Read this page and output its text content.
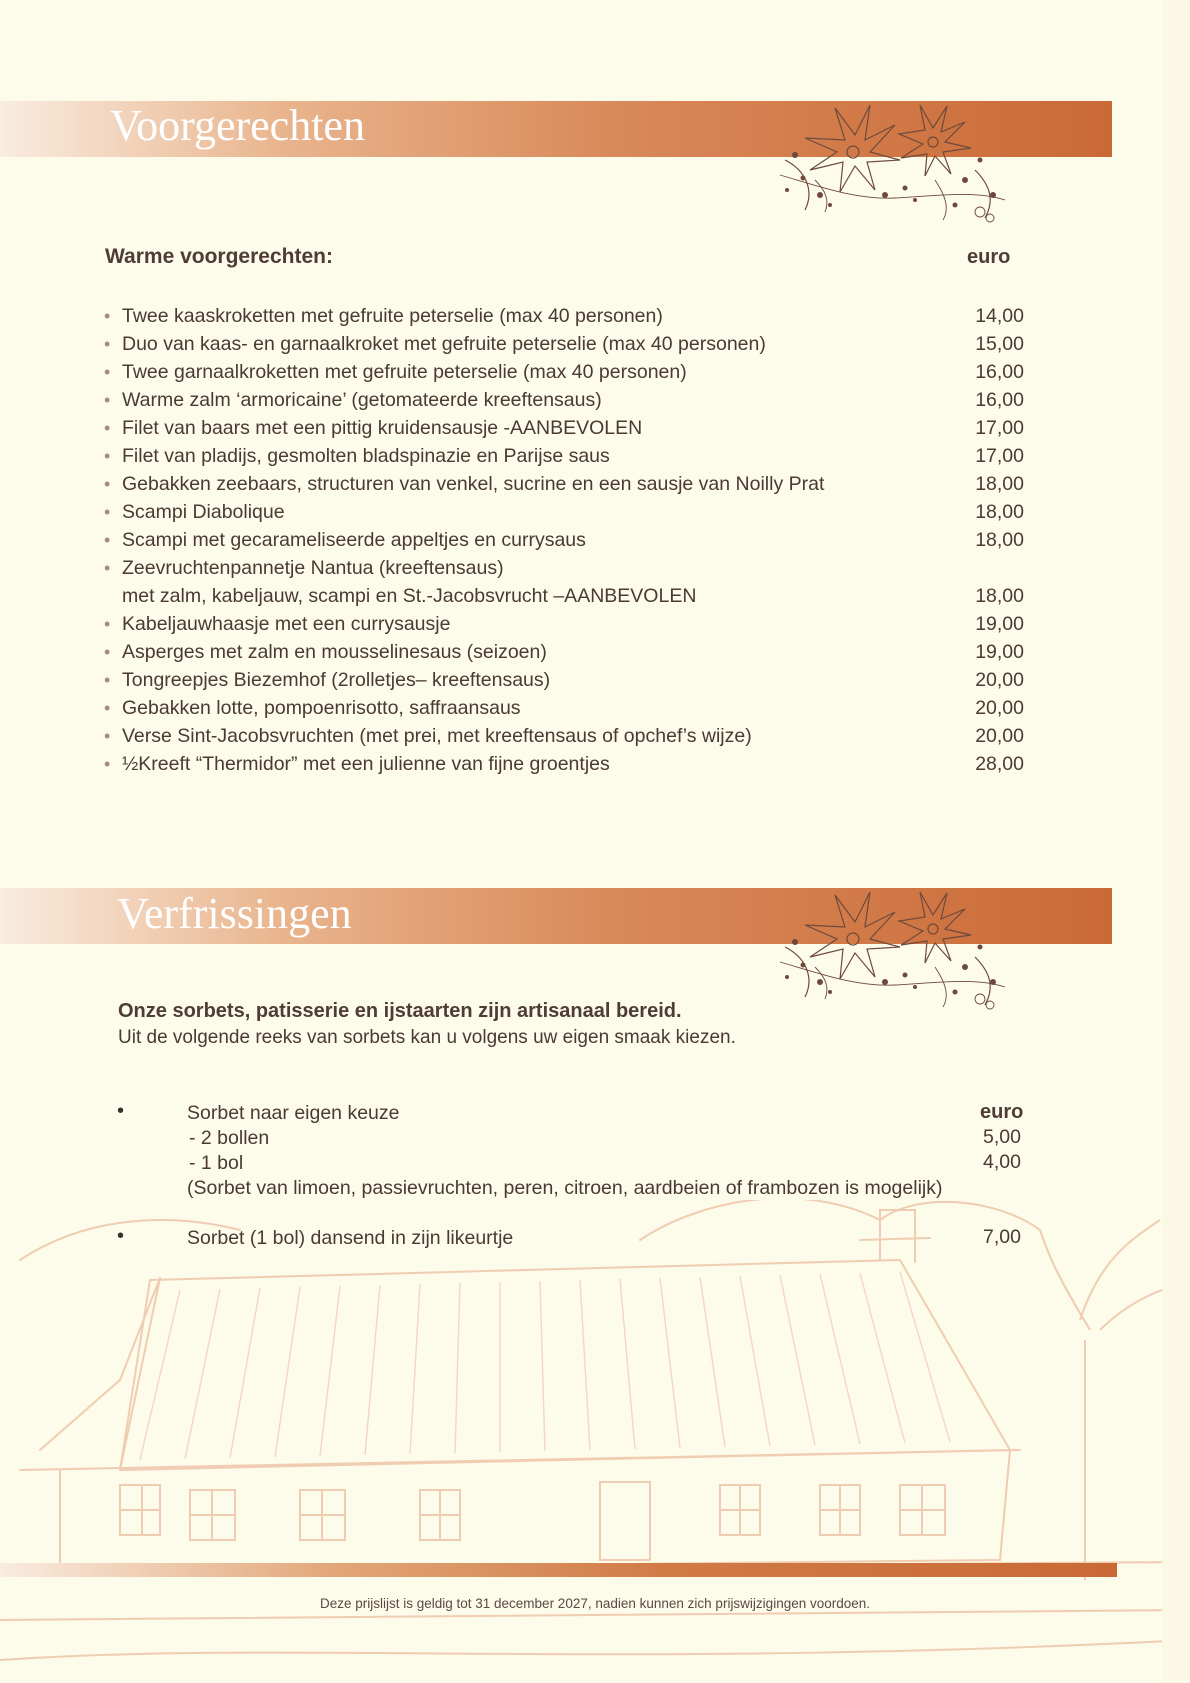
Voorgerechten
Warme voorgerechten:	euro
• Twee kaaskroketten met gefruite peterselie (max 40 personen)	14,00
• Duo van kaas- en garnaalkroket met gefruite peterselie (max 40 personen)	15,00
• Twee garnaalkroketten met gefruite peterselie (max 40 personen)	16,00
• Warme zalm ‘armoricaine’ (getomateerde kreeftensaus)	16,00
• Filet van baars met een pittig kruidensausje -AANBEVOLEN	17,00
• Filet van pladijs, gesmolten bladspinazie en Parijse saus	17,00
• Gebakken zeebaars, structuren van venkel, sucrine en een sausje van Noilly Prat	18,00
• Scampi Diabolique	18,00
• Scampi met gecarameliseerde appeltjes en currysaus	18,00
• Zeevruchtenpannetje Nantua (kreeftensaus)
met zalm, kabeljauw, scampi en St.-Jacobsvrucht –AANBEVOLEN	18,00
• Kabeljauwhaasje met een currysausje	19,00
• Asperges met zalm en mousselinesaus (seizoen)	19,00
• Tongreepjes Biezemhof (2rolletjes– kreeftensaus)	20,00
• Gebakken lotte, pompoenrisotto, saffraansaus	20,00
• Verse Sint-Jacobsvruchten (met prei, met kreeftensaus of opchef’s wijze)	20,00
• ½Kreeft “Thermidor” met een julienne van fijne groentjes	28,00
Verfrissingen
Onze sorbets, patisserie en ijstaarten zijn artisanaal bereid.
Uit de volgende reeks van sorbets kan u volgens uw eigen smaak kiezen.
•	Sorbet naar eigen keuze	euro
- 2 bollen	5,00
- 1 bol	4,00
(Sorbet van limoen, passievruchten, peren, citroen, aardbeien of frambozen is mogelijk)
•	Sorbet (1 bol) dansend in zijn likeurtje	7,00
Deze prijslijst is geldig tot 31 december 2027, nadien kunnen zich prijswijzigingen voordoen.
